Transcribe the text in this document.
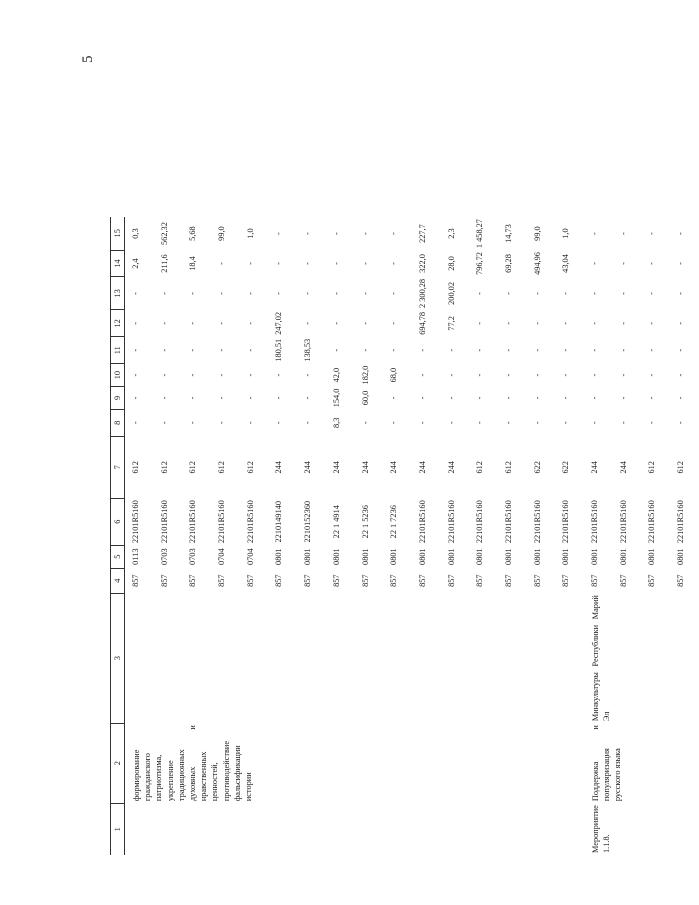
5
1	2	3	4	5	6	7	8	9	10	11	12	13	14	15
	формирование гражданского патриотизма, укрепление традиционных духовных и нравственных ценностей, противодействие фальсификации истории		857	0113	22101R5160	612	-	-	-	-	-	-	2,4	0,3
			857	0703	22101R5160	612	-	-	-	-	-	-	211,6	562,32
			857	0703	22101R5160	612	-	-	-	-	-	-	18,4	5,68
			857	0704	22101R5160	612	-	-	-	-	-	-	-	99,0
			857	0704	22101R5160	612	-	-	-	-	-	-	-	1,0
			857	0801	2210149140	244	-	-	-	180,51	247,02	-	-	-
			857	0801	2210152360	244	-	-	-	138,53	-	-	-	-
			857	0801	22 1 4914	244	8,3	154,0	42,0	-	-	-	-	-
			857	0801	22 1 5236	244	-	60,0	182,0	-	-	-	-	-
			857	0801	22 1 7236	244	-	-	68,0	-	-	-	-	-
			857	0801	22101R5160	244	-	-	-	-	694,78	2 300,28	322,0	227,7
			857	0801	22101R5160	244	-	-	-	-	77,2	200,02	28,0	2,3
			857	0801	22101R5160	612	-	-	-	-	-	-	796,72	1 458,27
			857	0801	22101R5160	612	-	-	-	-	-	-	69,28	14,73
			857	0801	22101R5160	622	-	-	-	-	-	-	494,96	99,0
			857	0801	22101R5160	622	-	-	-	-	-	-	43,04	1,0
Мероприятие 1.1.8.	Поддержка и популяризация русского языка	Минкультуры Республики Марий Эл	857	0801	22101R5160	244	-	-	-	-	-	-	-	-
			857	0801	22101R5160	244	-	-	-	-	-	-	-	-
			857	0801	22101R5160	612	-	-	-	-	-	-	-	-
			857	0801	22101R5160	612	-	-	-	-	-	-	-	-
